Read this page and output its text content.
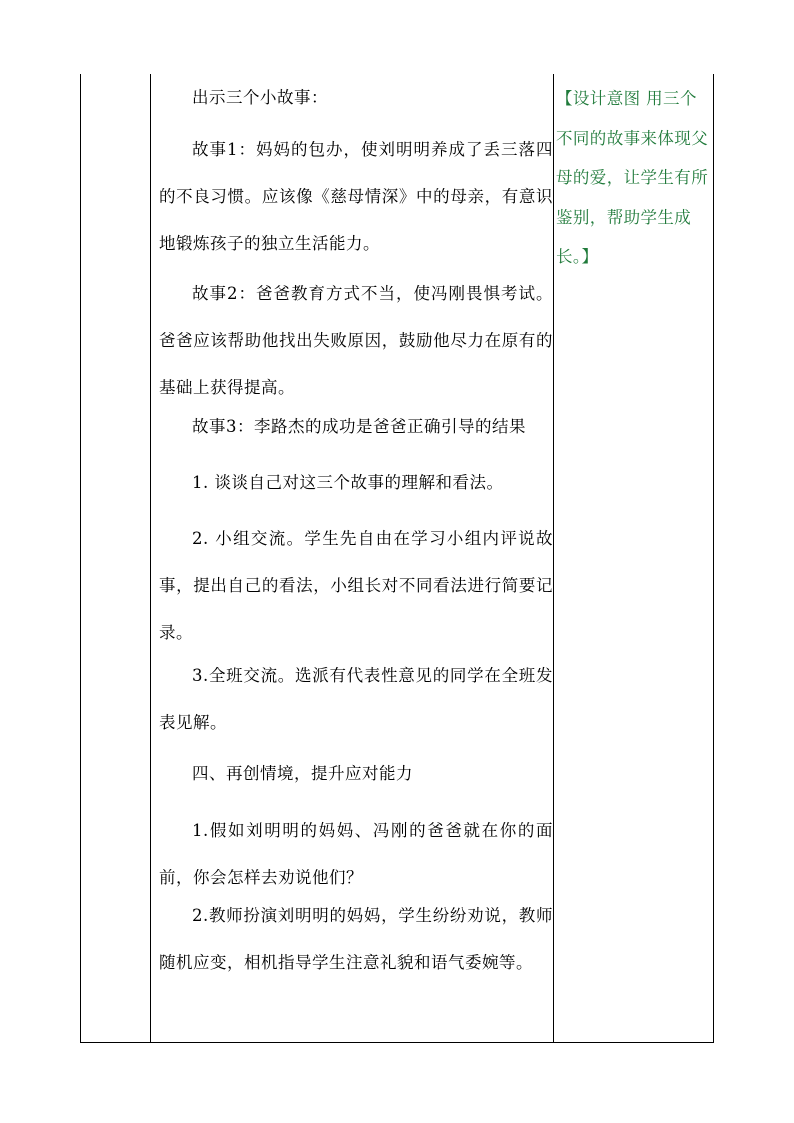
出示三个小故事：

故事1：妈妈的包办，使刘明明养成了丢三落四的不良习惯。应该像《慈母情深》中的母亲，有意识地锻炼孩子的独立生活能力。

故事2：爸爸教育方式不当，使冯刚畏惧考试。爸爸应该帮助他找出失败原因，鼓励他尽力在原有的基础上获得提高。

故事3：李路杰的成功是爸爸正确引导的结果

1. 谈谈自己对这三个故事的理解和看法。

2. 小组交流。学生先自由在学习小组内评说故事，提出自己的看法，小组长对不同看法进行简要记录。

3.全班交流。选派有代表性意见的同学在全班发表见解。

四、再创情境，提升应对能力

1.假如刘明明的妈妈、冯刚的爸爸就在你的面前，你会怎样去劝说他们？

2.教师扮演刘明明的妈妈，学生纷纷劝说，教师随机应变，相机指导学生注意礼貌和语气委婉等。

【设计意图 用三个不同的故事来体现父母的爱，让学生有所鉴别，帮助学生成长。】
